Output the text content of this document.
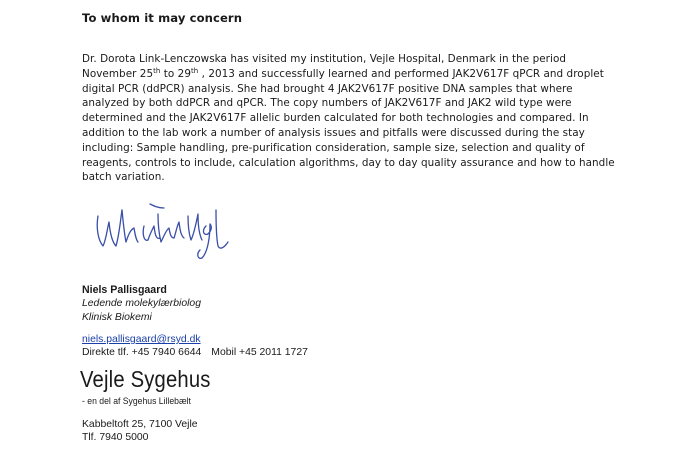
To whom it may concern
Dr. Dorota Link-Lenczowska has visited my institution, Vejle Hospital, Denmark in the period November 25th to 29th , 2013 and successfully learned and performed JAK2V617F qPCR and droplet digital PCR (ddPCR) analysis. She had brought 4 JAK2V617F positive DNA samples that where analyzed by both ddPCR and qPCR. The copy numbers of JAK2V617F and JAK2 wild type were determined and the JAK2V617F allelic burden calculated for both technologies and compared. In addition to the lab work a number of analysis issues and pitfalls were discussed during the stay including: Sample handling, pre-purification consideration, sample size, selection and quality of reagents, controls to include, calculation algorithms, day to day quality assurance and how to handle batch variation.
Niels Pallisgaard
Ledende molekylærbiolog
Klinisk Biokemi
niels.pallisgaard@rsyd.dk
Direkte tlf. +45 7940 6644 Mobil +45 2011 1727
Vejle Sygehus
- en del af Sygehus Lillebælt
Kabbeltoft 25, 7100 Vejle
Tlf. 7940 5000
